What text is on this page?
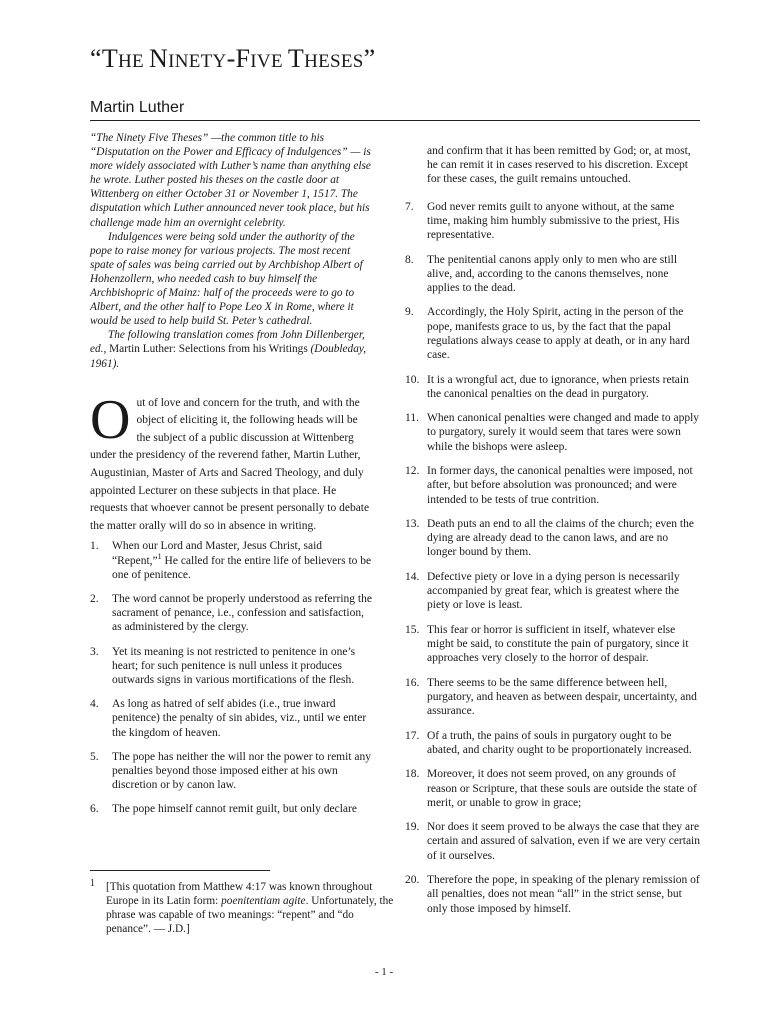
“THE NINETY-FIVE THESES”
Martin Luther

“The Ninety Five Theses” —the common title to his “Disputation on the Power and Efficacy of Indulgences” — is more widely associated with Luther’s name than anything else he wrote. Luther posted his theses on the castle door at Wittenberg on either October 31 or November 1, 1517. The disputation which Luther announced never took place, but his challenge made him an overnight celebrity.

Indulgences were being sold under the authority of the pope to raise money for various projects. The most recent spate of sales was being carried out by Archbishop Albert of Hohenzollern, who needed cash to buy himself the Archbishopric of Mainz: half of the proceeds were to go to Albert, and the other half to Pope Leo X in Rome, where it would be used to help build St. Peter’s cathedral.

The following translation comes from John Dillenberger, ed., Martin Luther: Selections from his Writings (Doubleday, 1961).

Out of love and concern for the truth, and with the object of eliciting it, the following heads will be the subject of a public discussion at Wittenberg under the presidency of the reverend father, Martin Luther, Augustinian, Master of Arts and Sacred Theology, and duly appointed Lecturer on these subjects in that place. He requests that whoever cannot be present personally to debate the matter orally will do so in absence in writing.
1. When our Lord and Master, Jesus Christ, said “Repent,”$^1$ He called for the entire life of believers to be one of penitence.
2. The word cannot be properly understood as referring the sacrament of penance, i.e., confession and satisfaction, as administered by the clergy.
3. Yet its meaning is not restricted to penitence in one’s heart; for such penitence is null unless it produces outwards signs in various mortifications of the flesh.
4. As long as hatred of self abides (i.e., true inward penitence) the penalty of sin abides, viz., until we enter the kingdom of heaven.
5. The pope has neither the will nor the power to remit any penalties beyond those imposed either at his own discretion or by canon law.
6. The pope himself cannot remit guilt, but only declare
1 [This quotation from Matthew 4:17 was known throughout Europe in its Latin form: poenitentiam agite. Unfortunately, the phrase was capable of two meanings: “repent” and “do penance”. — J.D.]

and confirm that it has been remitted by God; or, at most, he can remit it in cases reserved to his discretion. Except for these cases, the guilt remains untouched.

7. God never remits guilt to anyone without, at the same time, making him humbly submissive to the priest, His representative.
8. The penitential canons apply only to men who are still alive, and, according to the canons themselves, none applies to the dead.
9. Accordingly, the Holy Spirit, acting in the person of the pope, manifests grace to us, by the fact that the papal regulations always cease to apply at death, or in any hard case.
10. It is a wrongful act, due to ignorance, when priests retain the canonical penalties on the dead in purgatory.
11. When canonical penalties were changed and made to apply to purgatory, surely it would seem that tares were sown while the bishops were asleep.
12. In former days, the canonical penalties were imposed, not after, but before absolution was pronounced; and were intended to be tests of true contrition.
13. Death puts an end to all the claims of the church; even the dying are already dead to the canon laws, and are no longer bound by them.
14. Defective piety or love in a dying person is necessarily accompanied by great fear, which is greatest where the piety or love is least.
15. This fear or horror is sufficient in itself, whatever else might be said, to constitute the pain of purgatory, since it approaches very closely to the horror of despair.
16. There seems to be the same difference between hell, purgatory, and heaven as between despair, uncertainty, and assurance.
17. Of a truth, the pains of souls in purgatory ought to be abated, and charity ought to be proportionately increased.
18. Moreover, it does not seem proved, on any grounds of reason or Scripture, that these souls are outside the state of merit, or unable to grow in grace;
19. Nor does it seem proved to be always the case that they are certain and assured of salvation, even if we are very certain of it ourselves.
20. Therefore the pope, in speaking of the plenary remission of all penalties, does not mean “all” in the strict sense, but only those imposed by himself.
- 1 -
